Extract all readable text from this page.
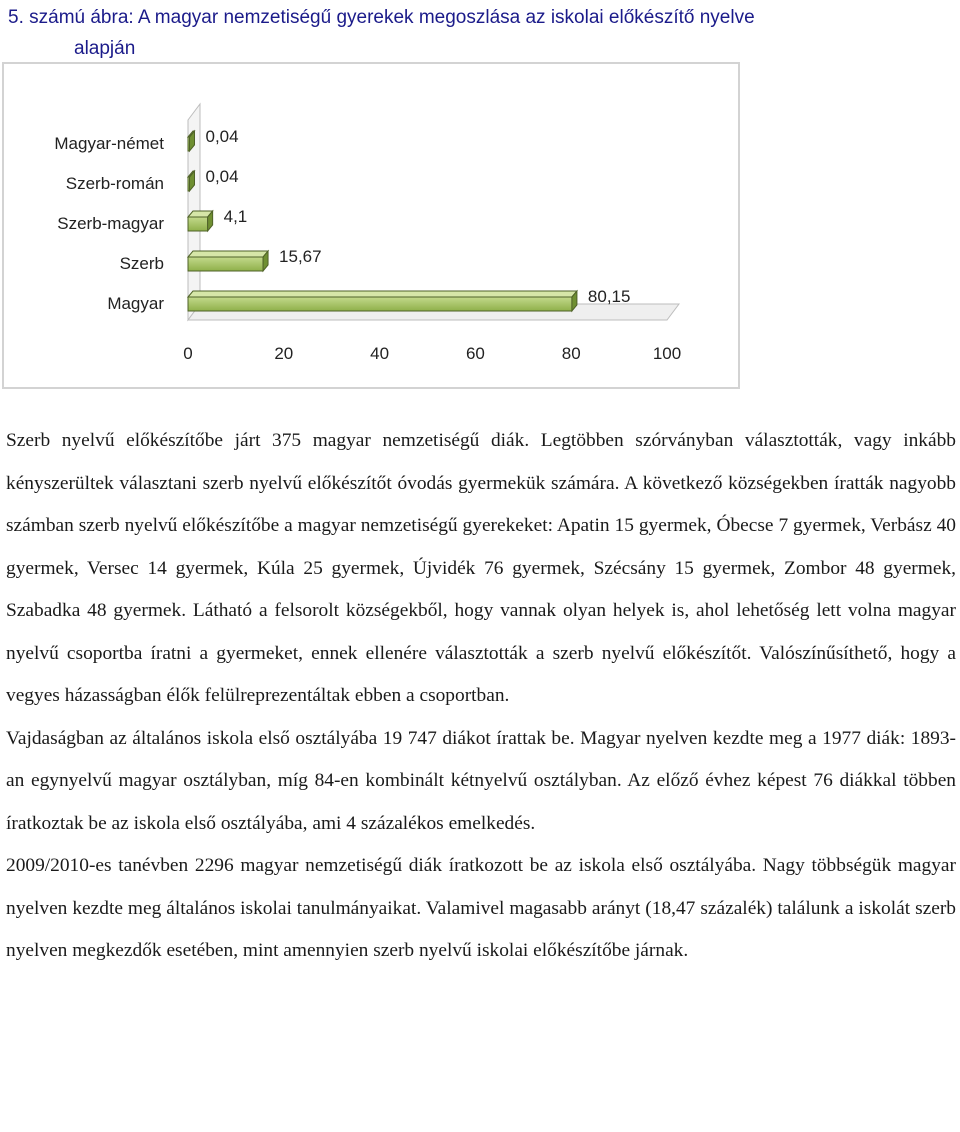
5. számú ábra: A magyar nemzetiségű gyerekek megoszlása az iskolai előkészítő nyelve
alapján
Magyar-német 0,04
Szerb-román 0,04
Szerb-magyar	4,1
Szerb	15,67
Magyar	80,15
0	20	40	60	80	100

Szerb nyelvű előkészítőbe járt 375 magyar nemzetiségű diák. Legtöbben szórványban választották, vagy inkább kényszerültek választani szerb nyelvű előkészítőt óvodás gyermekük számára. A következő községekben íratták nagyobb számban szerb nyelvű előkészítőbe a magyar nemzetiségű gyerekeket: Apatin 15 gyermek, Óbecse 7 gyermek, Verbász 40 gyermek, Versec 14 gyermek, Kúla 25 gyermek, Újvidék 76 gyermek, Szécsány 15 gyermek, Zombor 48 gyermek, Szabadka 48 gyermek. Látható a felsorolt községekből, hogy vannak olyan helyek is, ahol lehetőség lett volna magyar nyelvű csoportba íratni a gyermeket, ennek ellenére választották a szerb nyelvű előkészítőt. Valószínűsíthető, hogy a vegyes házasságban élők felülreprezentáltak ebben a csoportban.

Vajdaságban az általános iskola első osztályába 19 747 diákot írattak be. Magyar nyelven kezdte meg a 1977 diák: 1893-an egynyelvű magyar osztályban, míg 84-en kombinált kétnyelvű osztályban. Az előző évhez képest 76 diákkal többen íratkoztak be az iskola első osztályába, ami 4 százalékos emelkedés.

2009/2010-es tanévben 2296 magyar nemzetiségű diák íratkozott be az iskola első osztályába. Nagy többségük magyar nyelven kezdte meg általános iskolai tanulmányaikat. Valamivel magasabb arányt (18,47 százalék) találunk a iskolát szerb nyelven megkezdők esetében, mint amennyien szerb nyelvű iskolai előkészítőbe járnak.
